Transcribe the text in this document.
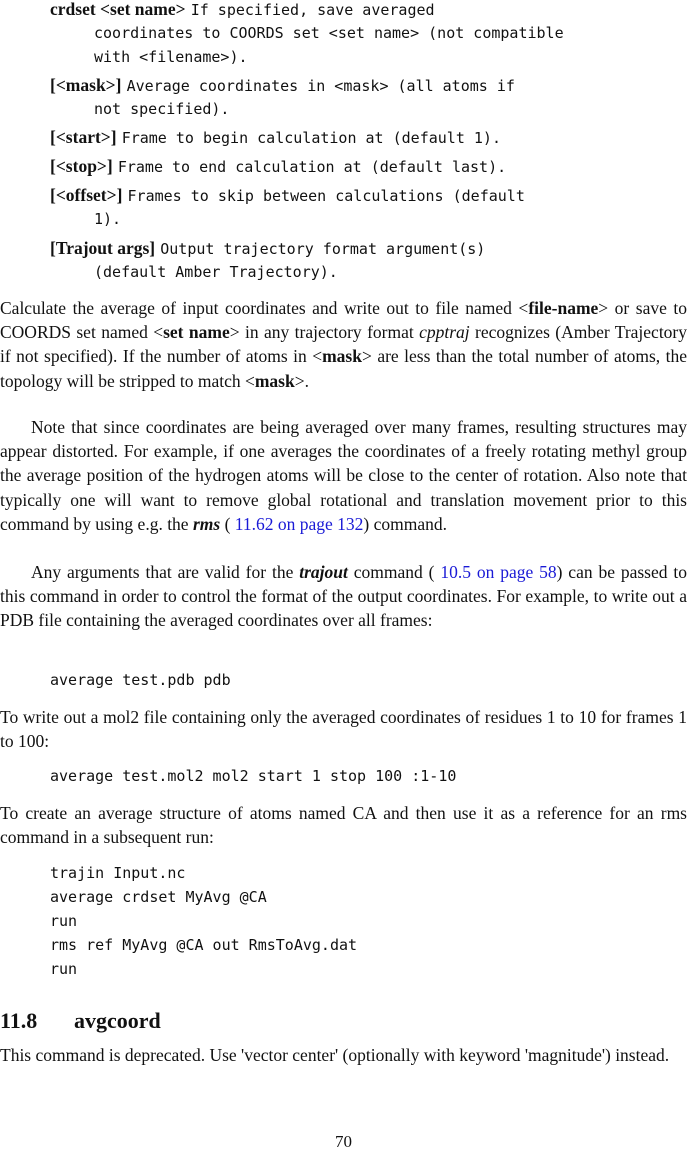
crdset <set name> If specified, save averaged
coordinates to COORDS set <set name> (not compatible
with <filename>).
[<mask>] Average coordinates in <mask> (all atoms if
not specified).
[<start>] Frame to begin calculation at (default 1).
[<stop>] Frame to end calculation at (default last).
[<offset>] Frames to skip between calculations (default
1).
[Trajout args] Output trajectory format argument(s)
(default Amber Trajectory).

Calculate the average of input coordinates and write out to file named <file-name> or save to COORDS set named <set name> in any trajectory format cpptraj recognizes (Amber Trajectory if not specified). If the number of atoms in <mask> are less than the total number of atoms, the topology will be stripped to match <mask>.

Note that since coordinates are being averaged over many frames, resulting structures may appear distorted. For example, if one averages the coordinates of a freely rotating methyl group the average position of the hydrogen atoms will be close to the center of rotation. Also note that typically one will want to remove global rotational and translation movement prior to this command by using e.g. the rms ( 11.62 on page 132) command.

Any arguments that are valid for the trajout command ( 10.5 on page 58) can be passed to this command in order to control the format of the output coordinates. For example, to write out a PDB file containing the averaged coordinates over all frames:

average test.pdb pdb

To write out a mol2 file containing only the averaged coordinates of residues 1 to 10 for frames 1 to 100:

average test.mol2 mol2 start 1 stop 100 :1-10

To create an average structure of atoms named CA and then use it as a reference for an rms command in a subsequent run:

trajin Input.nc
average crdset MyAvg @CA
run
rms ref MyAvg @CA out RmsToAvg.dat
run
11.8 avgcoord

This command is deprecated. Use 'vector center' (optionally with keyword 'magnitude') instead.

70
